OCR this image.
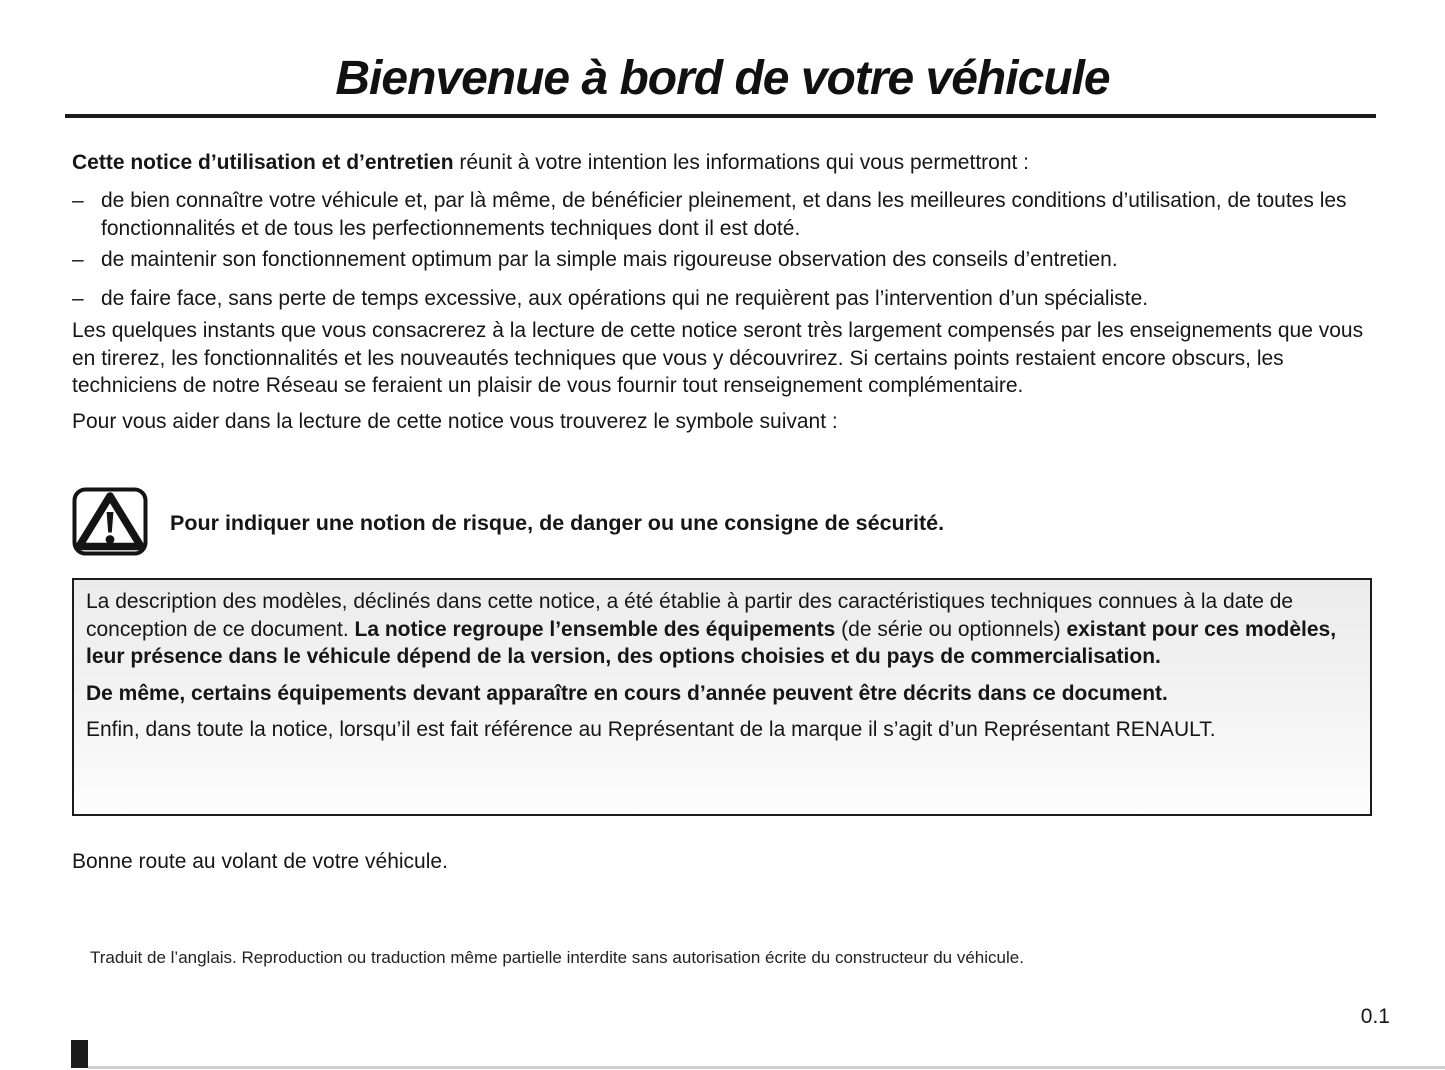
Bienvenue à bord de votre véhicule

Cette notice d’utilisation et d’entretien réunit à votre intention les informations qui vous permettront :

– de bien connaître votre véhicule et, par là même, de bénéficier pleinement, et dans les meilleures conditions d’utilisation, de toutes les fonctionnalités et de tous les perfectionnements techniques dont il est doté.
– de maintenir son fonctionnement optimum par la simple mais rigoureuse observation des conseils d’entretien.
– de faire face, sans perte de temps excessive, aux opérations qui ne requièrent pas l’intervention d’un spécialiste.

Les quelques instants que vous consacrerez à la lecture de cette notice seront très largement compensés par les enseignements que vous en tirerez, les fonctionnalités et les nouveautés techniques que vous y découvrirez. Si certains points restaient encore obscurs, les techniciens de notre Réseau se feraient un plaisir de vous fournir tout renseignement complémentaire.

Pour vous aider dans la lecture de cette notice vous trouverez le symbole suivant :

Pour indiquer une notion de risque, de danger ou une consigne de sécurité.

La description des modèles, déclinés dans cette notice, a été établie à partir des caractéristiques techniques connues à la date de conception de ce document. La notice regroupe l’ensemble des équipements (de série ou optionnels) existant pour ces modèles, leur présence dans le véhicule dépend de la version, des options choisies et du pays de commercialisation.

De même, certains équipements devant apparaître en cours d’année peuvent être décrits dans ce document.

Enfin, dans toute la notice, lorsqu’il est fait référence au Représentant de la marque il s’agit d’un Représentant RENAULT.

Bonne route au volant de votre véhicule.

Traduit de l’anglais. Reproduction ou traduction même partielle interdite sans autorisation écrite du constructeur du véhicule.

0.1
